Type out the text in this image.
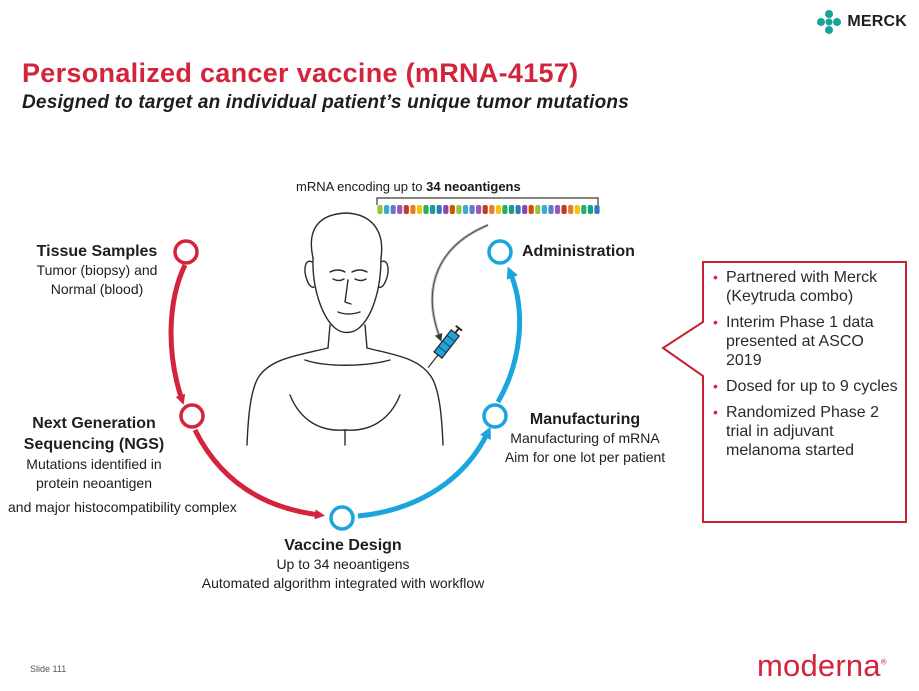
MERCK
Personalized cancer vaccine (mRNA-4157)
Designed to target an individual patient’s unique tumor mutations
mRNA encoding up to 34 neoantigens
Tissue Samples
Tumor (biopsy) and
Normal (blood)
Next Generation
Sequencing (NGS)
Mutations identified in
protein neoantigen
and major histocompatibility complex
Vaccine Design
Up to 34 neoantigens
Automated algorithm integrated with workflow
Manufacturing
Manufacturing of mRNA
Aim for one lot per patient
Administration
• Partnered with Merck (Keytruda combo)
• Interim Phase 1 data presented at ASCO 2019
• Dosed for up to 9 cycles
• Randomized Phase 2 trial in adjuvant melanoma started
Slide 111	moderna®
